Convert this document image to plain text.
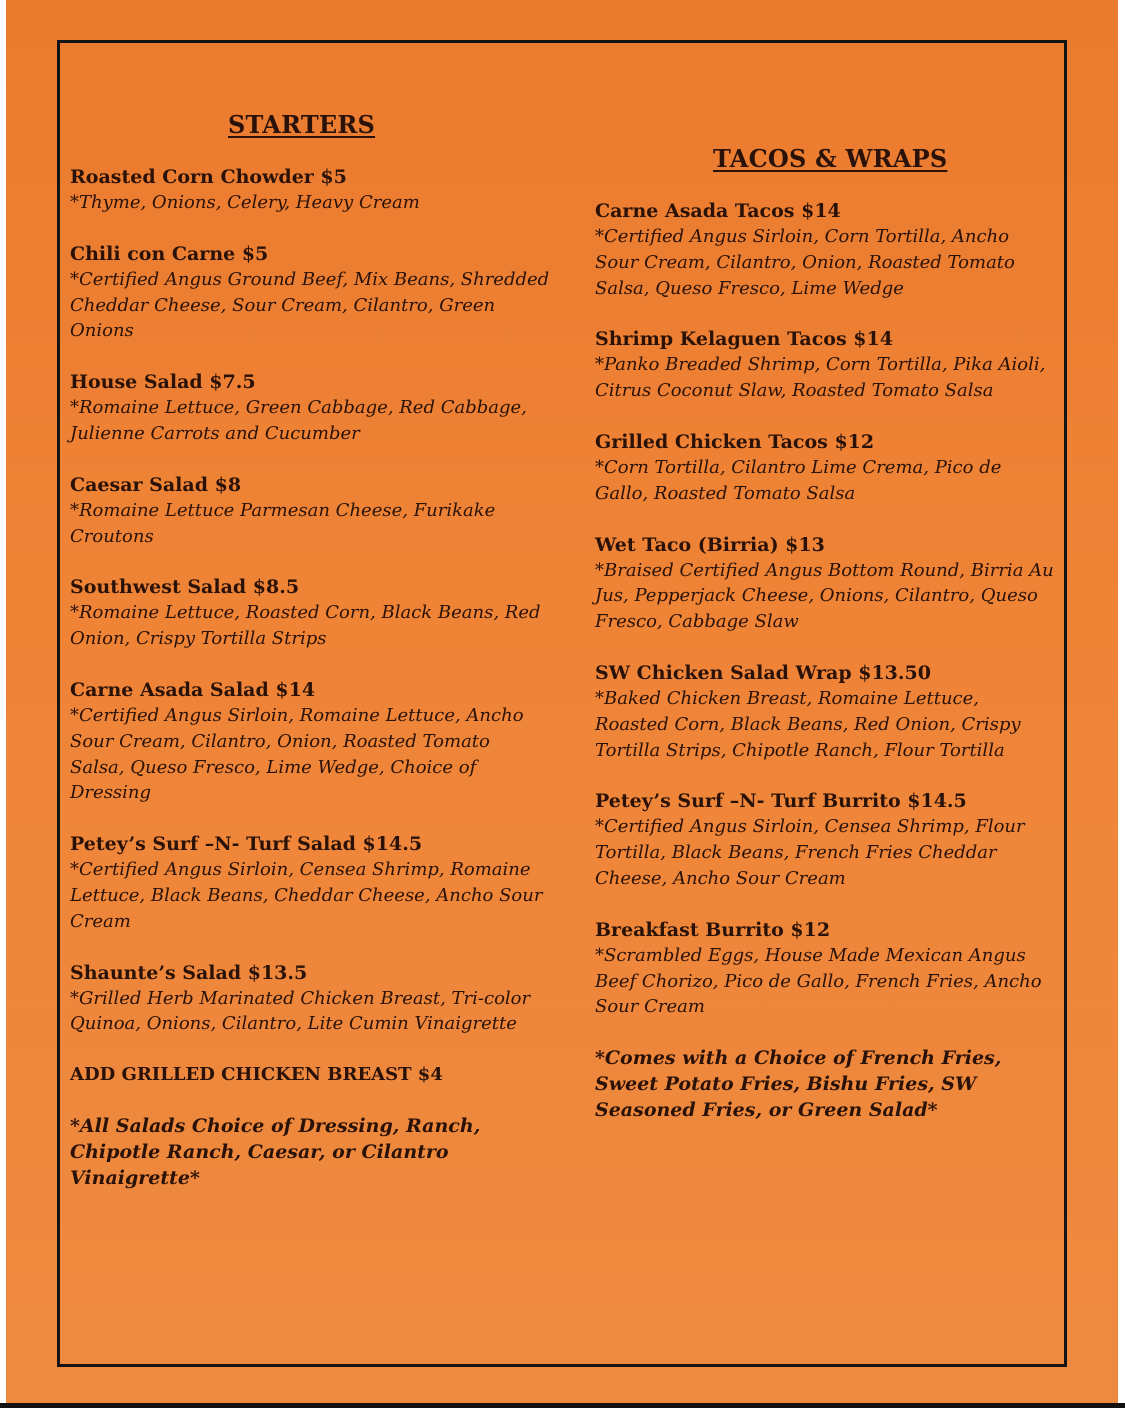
STARTERS
Roasted Corn Chowder $5
*Thyme, Onions, Celery, Heavy Cream
Chili con Carne $5
*Certified Angus Ground Beef, Mix Beans, Shredded Cheddar Cheese, Sour Cream, Cilantro, Green Onions
House Salad $7.5
*Romaine Lettuce, Green Cabbage, Red Cabbage, Julienne Carrots and Cucumber
Caesar Salad $8
*Romaine Lettuce Parmesan Cheese, Furikake Croutons
Southwest Salad $8.5
*Romaine Lettuce, Roasted Corn, Black Beans, Red Onion, Crispy Tortilla Strips
Carne Asada Salad $14
*Certified Angus Sirloin, Romaine Lettuce, Ancho Sour Cream, Cilantro, Onion, Roasted Tomato Salsa, Queso Fresco, Lime Wedge, Choice of Dressing
Petey’s Surf –N- Turf Salad $14.5
*Certified Angus Sirloin, Censea Shrimp, Romaine Lettuce, Black Beans, Cheddar Cheese, Ancho Sour Cream
Shaunte’s Salad $13.5
*Grilled Herb Marinated Chicken Breast, Tri-color Quinoa, Onions, Cilantro, Lite Cumin Vinaigrette
ADD GRILLED CHICKEN BREAST $4
*All Salads Choice of Dressing, Ranch, Chipotle Ranch, Caesar, or Cilantro Vinaigrette*
TACOS & WRAPS
Carne Asada Tacos $14
*Certified Angus Sirloin, Corn Tortilla, Ancho Sour Cream, Cilantro, Onion, Roasted Tomato Salsa, Queso Fresco, Lime Wedge
Shrimp Kelaguen Tacos $14
*Panko Breaded Shrimp, Corn Tortilla, Pika Aioli, Citrus Coconut Slaw, Roasted Tomato Salsa
Grilled Chicken Tacos $12
*Corn Tortilla, Cilantro Lime Crema, Pico de Gallo, Roasted Tomato Salsa
Wet Taco (Birria) $13
*Braised Certified Angus Bottom Round, Birria Au Jus, Pepperjack Cheese, Onions, Cilantro, Queso Fresco, Cabbage Slaw
SW Chicken Salad Wrap $13.50
*Baked Chicken Breast, Romaine Lettuce, Roasted Corn, Black Beans, Red Onion, Crispy Tortilla Strips, Chipotle Ranch, Flour Tortilla
Petey’s Surf –N- Turf Burrito $14.5
*Certified Angus Sirloin, Censea Shrimp, Flour Tortilla, Black Beans, French Fries Cheddar Cheese, Ancho Sour Cream
Breakfast Burrito $12
*Scrambled Eggs, House Made Mexican Angus Beef Chorizo, Pico de Gallo, French Fries, Ancho Sour Cream
*Comes with a Choice of French Fries, Sweet Potato Fries, Bishu Fries, SW Seasoned Fries, or Green Salad*
